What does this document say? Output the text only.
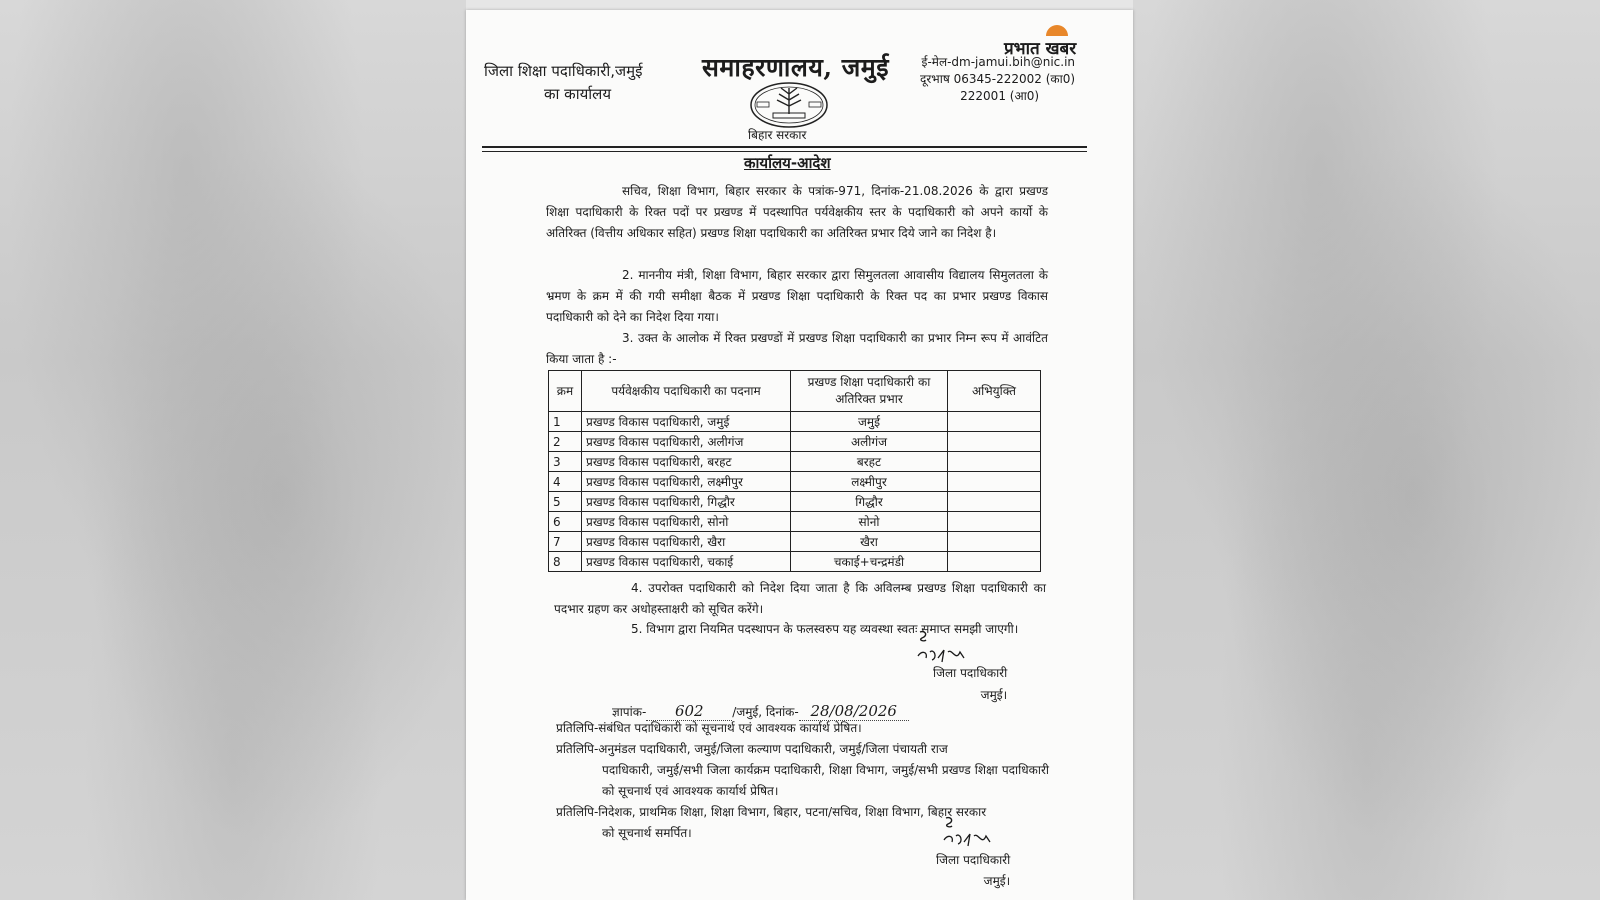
जिला शिक्षा पदाधिकारी,जमुई
का कार्यालय
समाहरणालय, जमुई
बिहार सरकार
प्रभात खबर
ई-मेल-dm-jamui.bih@nic.in
दूरभाष 06345-222002 (का0)
222001 (आ0)
कार्यालय-आदेश
सचिव, शिक्षा विभाग, बिहार सरकार के पत्रांक-971, दिनांक-21.08.2026 के द्वारा प्रखण्ड शिक्षा पदाधिकारी के रिक्त पदों पर प्रखण्ड में पदस्थापित पर्यवेक्षकीय स्तर के पदाधिकारी को अपने कार्यो के अतिरिक्त (वित्तीय अधिकार सहित) प्रखण्ड शिक्षा पदाधिकारी का अतिरिक्त प्रभार दिये जाने का निदेश है।
2. माननीय मंत्री, शिक्षा विभाग, बिहार सरकार द्वारा सिमुलतला आवासीय विद्यालय सिमुलतला के भ्रमण के क्रम में की गयी समीक्षा बैठक में प्रखण्ड शिक्षा पदाधिकारी के रिक्त पद का प्रभार प्रखण्ड विकास पदाधिकारी को देने का निदेश दिया गया।
3. उक्त के आलोक में रिक्त प्रखण्डों में प्रखण्ड शिक्षा पदाधिकारी का प्रभार निम्न रूप में आवंटित किया जाता है :-
क्रम	पर्यवेक्षकीय पदाधिकारी का पदनाम	प्रखण्ड शिक्षा पदाधिकारी का अतिरिक्त प्रभार	अभियुक्ति
1	प्रखण्ड विकास पदाधिकारी, जमुई	जमुई	
2	प्रखण्ड विकास पदाधिकारी, अलीगंज	अलीगंज	
3	प्रखण्ड विकास पदाधिकारी, बरहट	बरहट	
4	प्रखण्ड विकास पदाधिकारी, लक्ष्मीपुर	लक्ष्मीपुर	
5	प्रखण्ड विकास पदाधिकारी, गिद्धौर	गिद्धौर	
6	प्रखण्ड विकास पदाधिकारी, सोनो	सोनो	
7	प्रखण्ड विकास पदाधिकारी, खैरा	खैरा	
8	प्रखण्ड विकास पदाधिकारी, चकाई	चकाई+चन्द्रमंडी	
4. उपरोक्त पदाधिकारी को निदेश दिया जाता है कि अविलम्ब प्रखण्ड शिक्षा पदाधिकारी का पदभार ग्रहण कर अधोहस्ताक्षरी को सूचित करेंगे।
5. विभाग द्वारा नियमित पदस्थापन के फलस्वरुप यह व्यवस्था स्वतः समाप्त समझी जाएगी।
जिला पदाधिकारी
जमुई।
ज्ञापांक- 602 /जमुई, दिनांक- 28/08/2026
प्रतिलिपि-संबंधित पदाधिकारी को सूचनार्थ एवं आवश्यक कार्यार्थ प्रेषित।
प्रतिलिपि-अनुमंडल पदाधिकारी, जमुई/जिला कल्याण पदाधिकारी, जमुई/जिला पंचायती राज
पदाधिकारी, जमुई/सभी जिला कार्यक्रम पदाधिकारी, शिक्षा विभाग, जमुई/सभी प्रखण्ड शिक्षा पदाधिकारी को सूचनार्थ एवं आवश्यक कार्यार्थ प्रेषित।
प्रतिलिपि-निदेशक, प्राथमिक शिक्षा, शिक्षा विभाग, बिहार, पटना/सचिव, शिक्षा विभाग, बिहार सरकार
को सूचनार्थ समर्पित।
जिला पदाधिकारी
जमुई।
